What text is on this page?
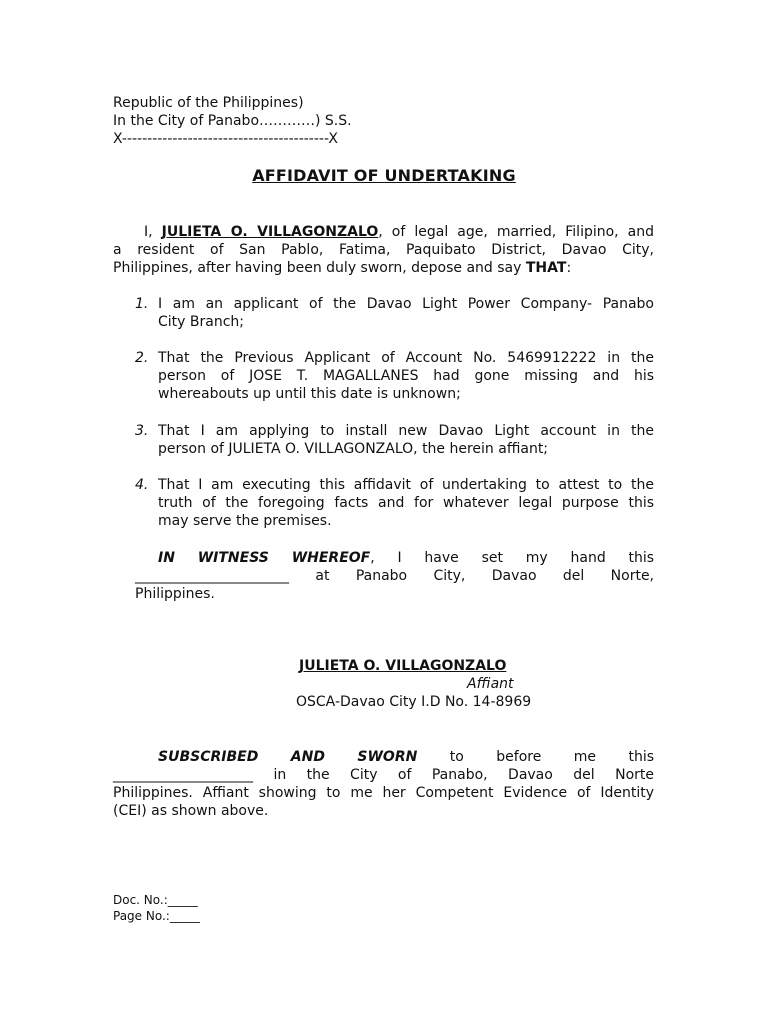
Republic of the Philippines)
In the City of Panabo…………) S.S.
X-----------------------------------------X
AFFIDAVIT OF UNDERTAKING
I, JULIETA O. VILLAGONZALO, of legal age, married, Filipino, and
a resident of San Pablo, Fatima, Paquibato District, Davao City,
Philippines, after having been duly sworn, depose and say THAT:
1. I am an applicant of the Davao Light Power Company- Panabo
City Branch;
2. That the Previous Applicant of Account No. 5469912222 in the
person of JOSE T. MAGALLANES had gone missing and his
whereabouts up until this date is unknown;
3. That I am applying to install new Davao Light account in the
person of JULIETA O. VILLAGONZALO, the herein affiant;
4. That I am executing this affidavit of undertaking to attest to the
truth of the foregoing facts and for whatever legal purpose this
may serve the premises.
IN WITNESS WHEREOF, I have set my hand this
______________________ at Panabo City, Davao del Norte,
Philippines.
JULIETA O. VILLAGONZALO
Affiant
OSCA-Davao City I.D No. 14-8969
SUBSCRIBED AND SWORN to before me this
____________________ in the City of Panabo, Davao del Norte
Philippines. Affiant showing to me her Competent Evidence of Identity
(CEI) as shown above.
Doc. No.:_____
Page No.:_____
